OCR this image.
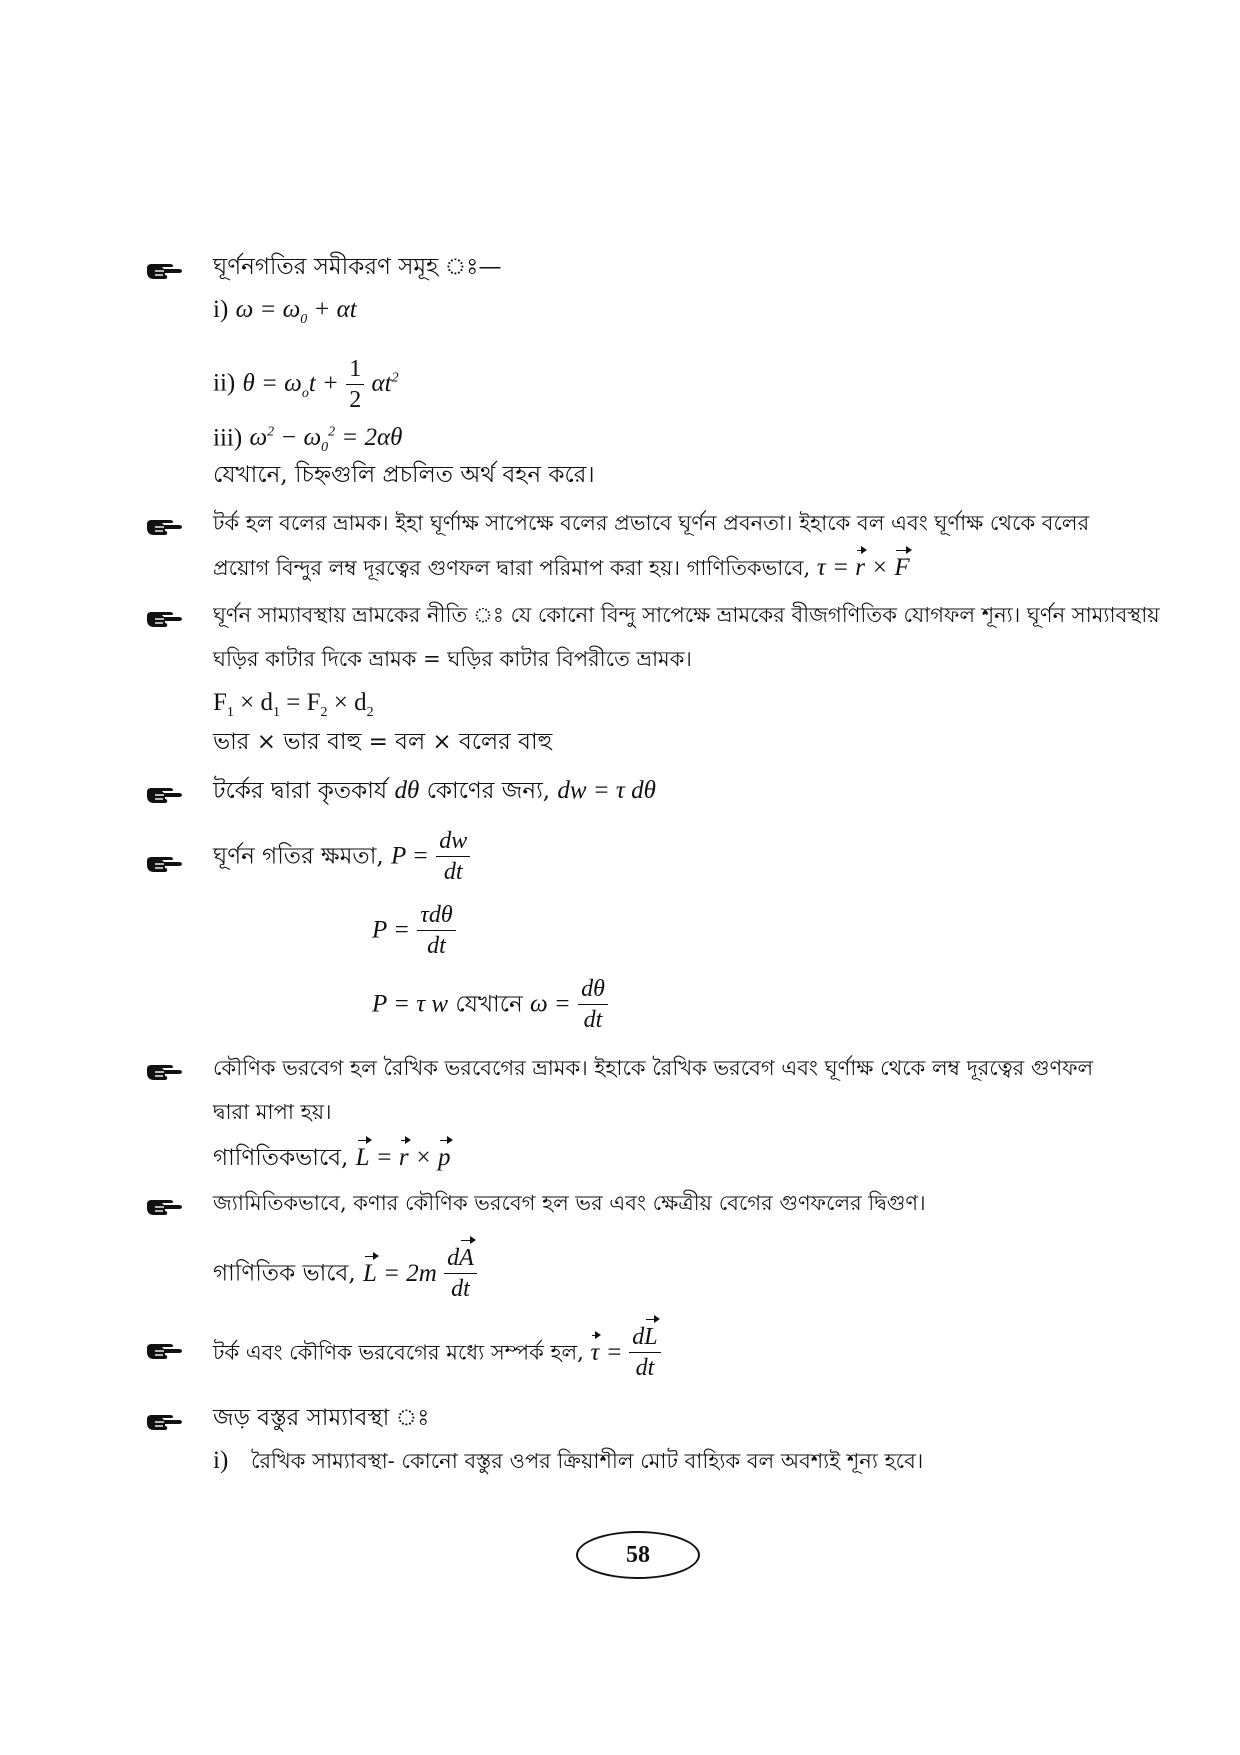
ঘূর্ণনগতির সমীকরণ সমূহ ঃ—
i) $\omega = \omega_0 + \alpha t$
ii) $\theta = \omega_ot + \frac{1}{2} \alpha t^2$
iii) $\omega^2 - \omega_0^2 = 2\alpha\theta$
যেখানে, চিহ্নগুলি প্রচলিত অর্থ বহন করে।
টর্ক হল বলের ভ্রামক। ইহা ঘূর্ণাক্ষ সাপেক্ষে বলের প্রভাবে ঘূর্ণন প্রবনতা। ইহাকে বল এবং ঘূর্ণাক্ষ থেকে বলের
প্রয়োগ বিন্দুর লম্ব দূরত্বের গুণফল দ্বারা পরিমাপ করা হয়। গাণিতিকভাবে, τ = r × F
ঘূর্ণন সাম্যাবস্থায় ভ্রামকের নীতি ঃ যে কোনো বিন্দু সাপেক্ষে ভ্রামকের বীজগণিতিক যোগফল শূন্য। ঘূর্ণন সাম্যাবস্থায়
ঘড়ির কাটার দিকে ভ্রামক = ঘড়ির কাটার বিপরীতে ভ্রামক।
$F_1 \times d_1 = F_2 \times d_2$
ভার × ভার বাহু = বল × বলের বাহু
টর্কের দ্বারা কৃতকার্য dθ কোণের জন্য, dw = τ dθ
ঘূর্ণন গতির ক্ষমতা, $P = \frac{dw}{dt}$
$P = \frac{\text{τdθ}}{dt}$
P = τ w যেখানে $\omega = \frac{d\theta}{dt}$
কৌণিক ভরবেগ হল রৈখিক ভরবেগের ভ্রামক। ইহাকে রৈখিক ভরবেগ এবং ঘূর্ণাক্ষ থেকে লম্ব দূরত্বের গুণফল
দ্বারা মাপা হয়।
গাণিতিকভাবে, L = r × p
জ্যামিতিকভাবে, কণার কৌণিক ভরবেগ হল ভর এবং ক্ষেত্রীয় বেগের গুণফলের দ্বিগুণ।
গাণিতিক ভাবে, $L = 2m \frac{dA}{dt}$
টর্ক এবং কৌণিক ভরবেগের মধ্যে সম্পর্ক হল, $\tau = \frac{dL}{dt}$
জড় বস্তুর সাম্যাবস্থা ঃ
i) রৈখিক সাম্যাবস্থা- কোনো বস্তুর ওপর ক্রিয়াশীল মোট বাহ্যিক বল অবশ্যই শূন্য হবে।
58
